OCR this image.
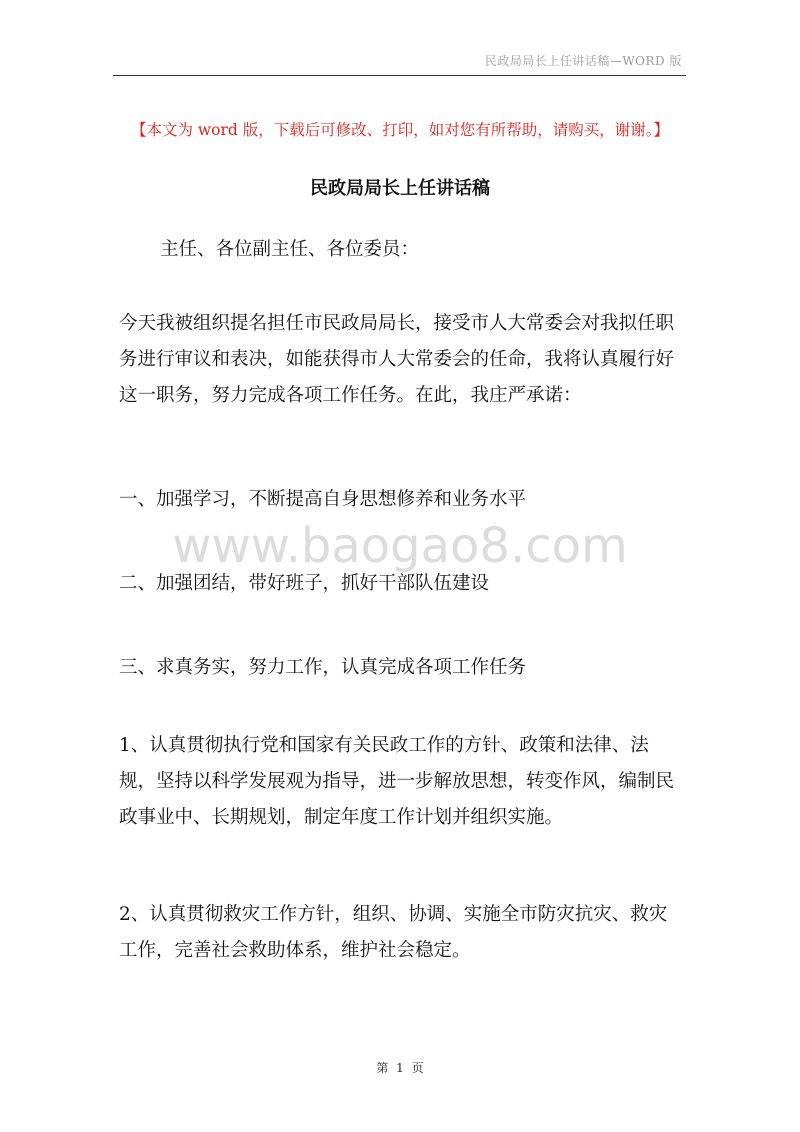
民政局局长上任讲话稿—WORD 版
【本文为 word 版，下载后可修改、打印，如对您有所帮助，请购买，谢谢。】
民政局局长上任讲话稿
主任、各位副主任、各位委员：
今天我被组织提名担任市民政局局长，接受市人大常委会对我拟任职务进行审议和表决，如能获得市人大常委会的任命，我将认真履行好这一职务，努力完成各项工作任务。在此，我庄严承诺：
一、加强学习，不断提高自身思想修养和业务水平
www.baogao8.com
二、加强团结，带好班子，抓好干部队伍建设
三、求真务实，努力工作，认真完成各项工作任务
1、认真贯彻执行党和国家有关民政工作的方针、政策和法律、法规，坚持以科学发展观为指导，进一步解放思想，转变作风，编制民政事业中、长期规划，制定年度工作计划并组织实施。
2、认真贯彻救灾工作方针，组织、协调、实施全市防灾抗灾、救灾工作，完善社会救助体系，维护社会稳定。
第 1 页
